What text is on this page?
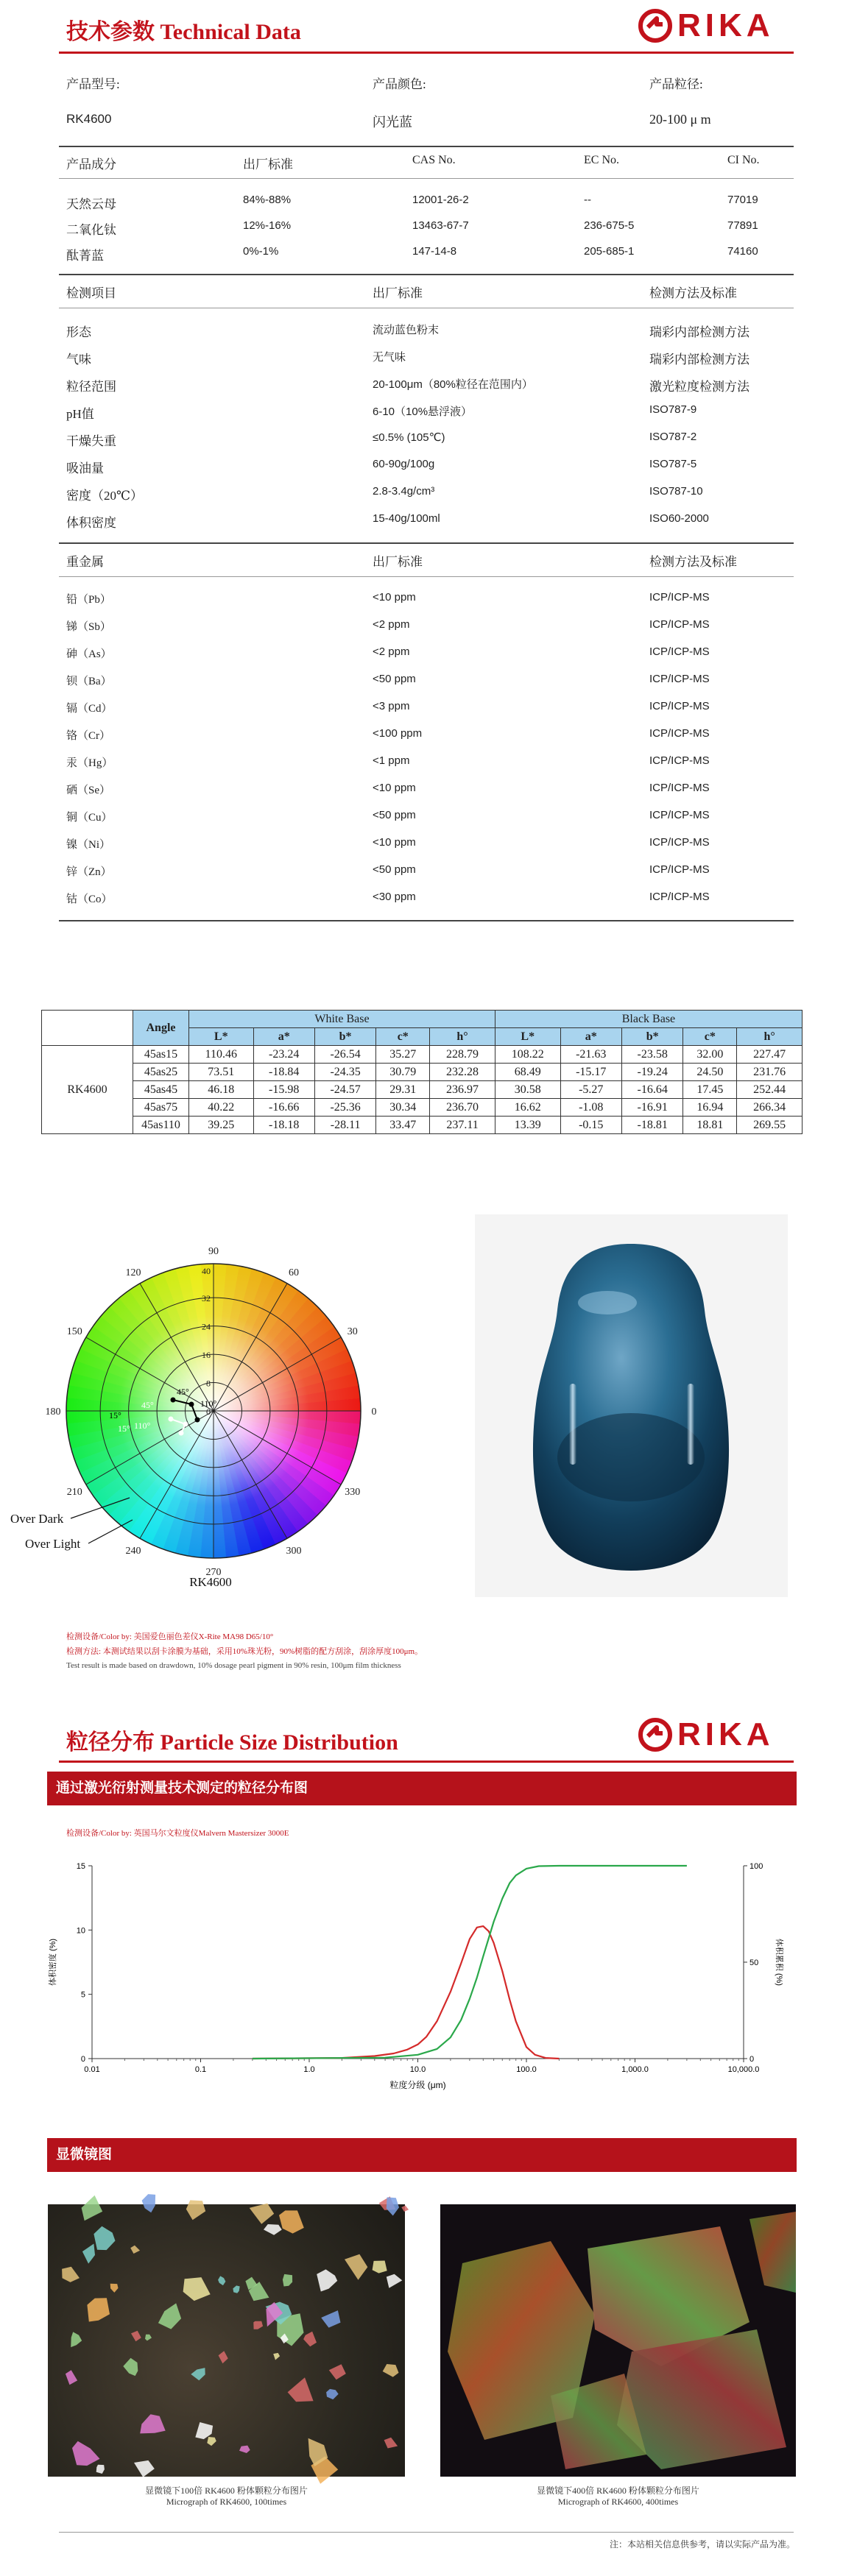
技术参数 Technical Data	RIKA
产品型号:	产品颜色:	产品粒径:
RK4600	闪光蓝	20-100 μ m
产品成分	出厂标准	CAS No.	EC No.	CI No.
天然云母	84%-88%	12001-26-2	--	77019
二氧化钛	12%-16%	13463-67-7	236-675-5	77891
酞菁蓝	0%-1%	147-14-8	205-685-1	74160
检测项目	出厂标准	检测方法及标准
形态	流动蓝色粉末	瑞彩内部检测方法
气味	无气味	瑞彩内部检测方法
粒径范围	20-100μm（80%粒径在范围内）	激光粒度检测方法
pH值	6-10（10%悬浮液）	ISO787-9
干燥失重	≤0.5% (105℃)	ISO787-2
吸油量	60-90g/100g	ISO787-5
密度（20℃）	2.8-3.4g/cm³	ISO787-10
体积密度	15-40g/100ml	ISO60-2000
重金属	出厂标准	检测方法及标准
铅（Pb）	<10 ppm	ICP/ICP-MS
锑（Sb）	<2 ppm	ICP/ICP-MS
砷（As）	<2 ppm	ICP/ICP-MS
钡（Ba）	<50 ppm	ICP/ICP-MS
镉（Cd）	<3 ppm	ICP/ICP-MS
铬（Cr）	<100 ppm	ICP/ICP-MS
汞（Hg）	<1 ppm	ICP/ICP-MS
硒（Se）	<10 ppm	ICP/ICP-MS
铜（Cu）	<50 ppm	ICP/ICP-MS
镍（Ni）	<10 ppm	ICP/ICP-MS
锌（Zn）	<50 ppm	ICP/ICP-MS
钴（Co）	<30 ppm	ICP/ICP-MS
	Angle	White Base					Black Base				
		L*	a*	b*	c*	h°	L*	a*	b*	c*	h°
RK4600	45as15	110.46	-23.24	-26.54	35.27	228.79	108.22	-21.63	-23.58	32.00	227.47
	45as25	73.51	-18.84	-24.35	30.79	232.28	68.49	-15.17	-19.24	24.50	231.76
	45as45	46.18	-15.98	-24.57	29.31	236.97	30.58	-5.27	-16.64	17.45	252.44
	45as75	40.22	-16.66	-25.36	30.34	236.70	16.62	-1.08	-16.91	16.94	266.34
	45as110	39.25	-18.18	-28.11	33.47	237.11	13.39	-0.15	-18.81	18.81	269.55
90
60
30
0
330
300
270
240
210
180
150
120	40
32
24
16
8
0
45°
110°
15°
45°
110°
15°
Over Dark
Over Light
RK4600
检测设备/Color by: 美国爱色丽色差仪X-Rite MA98 D65/10°
检测方法: 本测试结果以刮卡涂膜为基础，采用10%珠光粉，90%树脂的配方刮涂，刮涂厚度100μm。
Test result is made based on drawdown, 10% dosage pearl pigment in 90% resin, 100μm film thickness
粒径分布 Particle Size Distribution	RIKA
通过激光衍射测量技术测定的粒径分布图
检测设备/Color by: 英国马尔文粒度仪Malvern Mastersizer 3000E
0.01	0.1	1.0	10.0	100.0	1,000.0	10,000.0
0
5
10
15
0
50
100
粒度分级 (μm)
体积密度 (%)	体积累积 (%)
显微镜图
显微镜下100倍 RK4600 粉体颗粒分布图片
Micrograph of RK4600, 100times
显微镜下400倍 RK4600 粉体颗粒分布图片
Micrograph of RK4600, 400times
注：本站相关信息供参考，请以实际产品为准。
